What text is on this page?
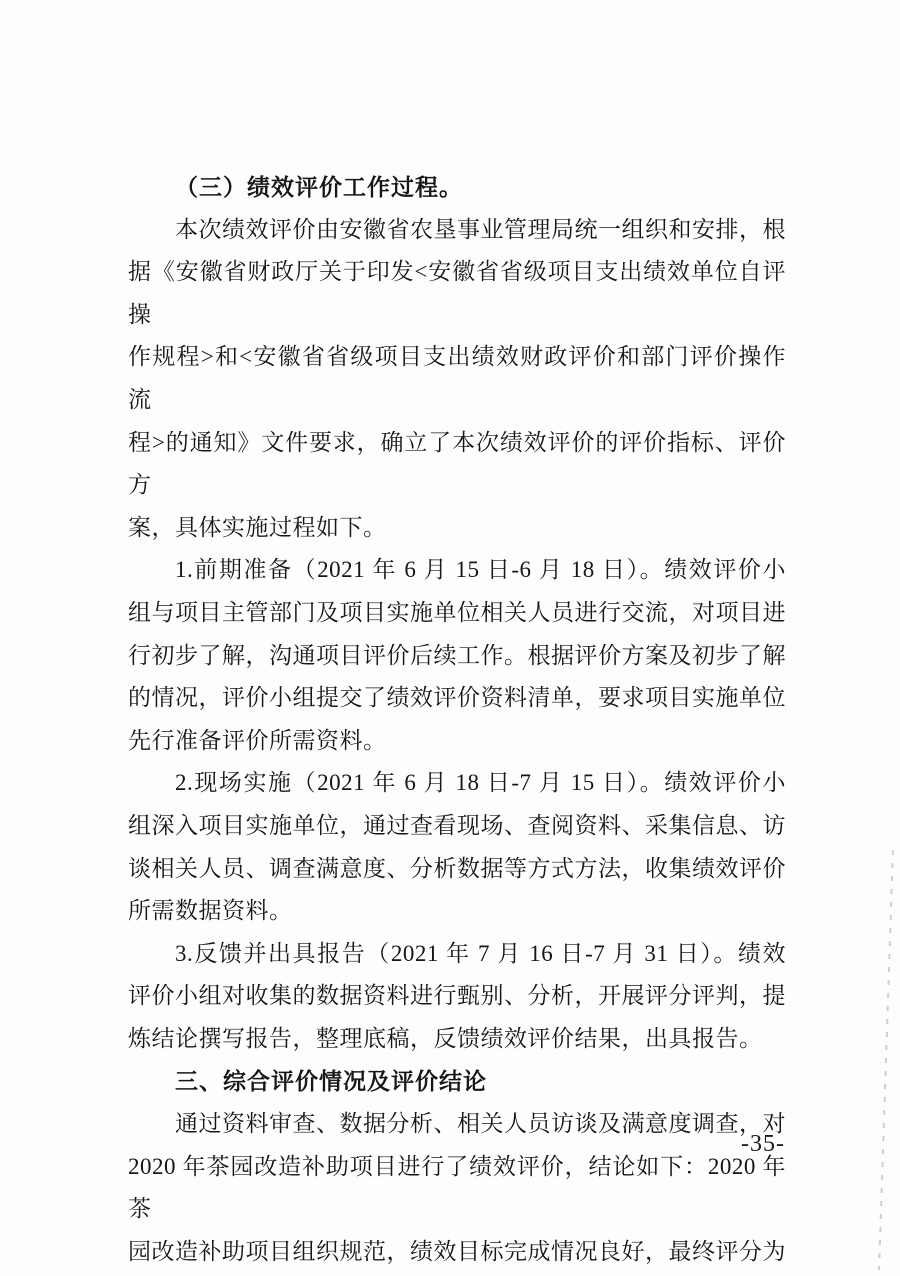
（三）绩效评价工作过程。
本次绩效评价由安徽省农垦事业管理局统一组织和安排，根
据《安徽省财政厅关于印发<安徽省省级项目支出绩效单位自评操
作规程>和<安徽省省级项目支出绩效财政评价和部门评价操作流
程>的通知》文件要求，确立了本次绩效评价的评价指标、评价方
案，具体实施过程如下。
1.前期准备（2021 年 6 月 15 日-6 月 18 日）。绩效评价小
组与项目主管部门及项目实施单位相关人员进行交流，对项目进
行初步了解，沟通项目评价后续工作。根据评价方案及初步了解
的情况，评价小组提交了绩效评价资料清单，要求项目实施单位
先行准备评价所需资料。
2.现场实施（2021 年 6 月 18 日-7 月 15 日）。绩效评价小
组深入项目实施单位，通过查看现场、查阅资料、采集信息、访
谈相关人员、调查满意度、分析数据等方式方法，收集绩效评价
所需数据资料。
3.反馈并出具报告（2021 年 7 月 16 日-7 月 31 日）。绩效
评价小组对收集的数据资料进行甄别、分析，开展评分评判，提
炼结论撰写报告，整理底稿，反馈绩效评价结果，出具报告。
三、综合评价情况及评价结论
通过资料审查、数据分析、相关人员访谈及满意度调查，对
2020 年茶园改造补助项目进行了绩效评价，结论如下：2020 年茶
园改造补助项目组织规范，绩效目标完成情况良好，最终评分为
-35-
